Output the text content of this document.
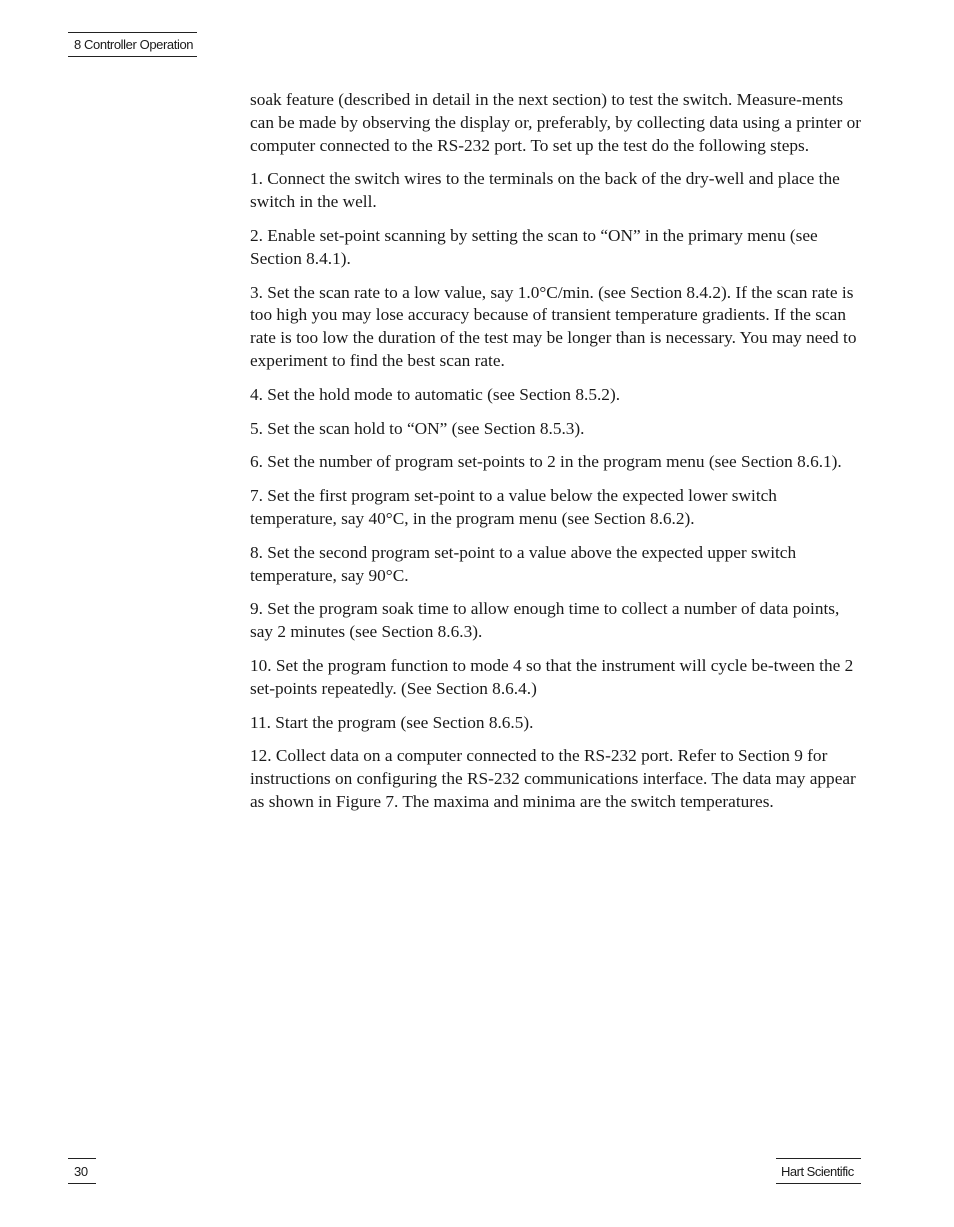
8 Controller Operation

soak feature (described in detail in the next section) to test the switch. Measure-ments can be made by observing the display or, preferably, by collecting data using a printer or computer connected to the RS-232 port. To set up the test do the following steps.

1. Connect the switch wires to the terminals on the back of the dry-well and place the switch in the well.

2. Enable set-point scanning by setting the scan to “ON” in the primary menu (see Section 8.4.1).

3. Set the scan rate to a low value, say 1.0°C/min. (see Section 8.4.2). If the scan rate is too high you may lose accuracy because of transient temperature gradients. If the scan rate is too low the duration of the test may be longer than is necessary. You may need to experiment to find the best scan rate.

4. Set the hold mode to automatic (see Section 8.5.2).

5. Set the scan hold to “ON” (see Section 8.5.3).

6. Set the number of program set-points to 2 in the program menu (see Section 8.6.1).

7. Set the first program set-point to a value below the expected lower switch temperature, say 40°C, in the program menu (see Section 8.6.2).

8. Set the second program set-point to a value above the expected upper switch temperature, say 90°C.

9. Set the program soak time to allow enough time to collect a number of data points, say 2 minutes (see Section 8.6.3).

10. Set the program function to mode 4 so that the instrument will cycle be-tween the 2 set-points repeatedly. (See Section 8.6.4.)

11. Start the program (see Section 8.6.5).

12. Collect data on a computer connected to the RS-232 port. Refer to Section 9 for instructions on configuring the RS-232 communications interface. The data may appear as shown in Figure 7. The maxima and minima are the switch temperatures.

30	Hart Scientific
